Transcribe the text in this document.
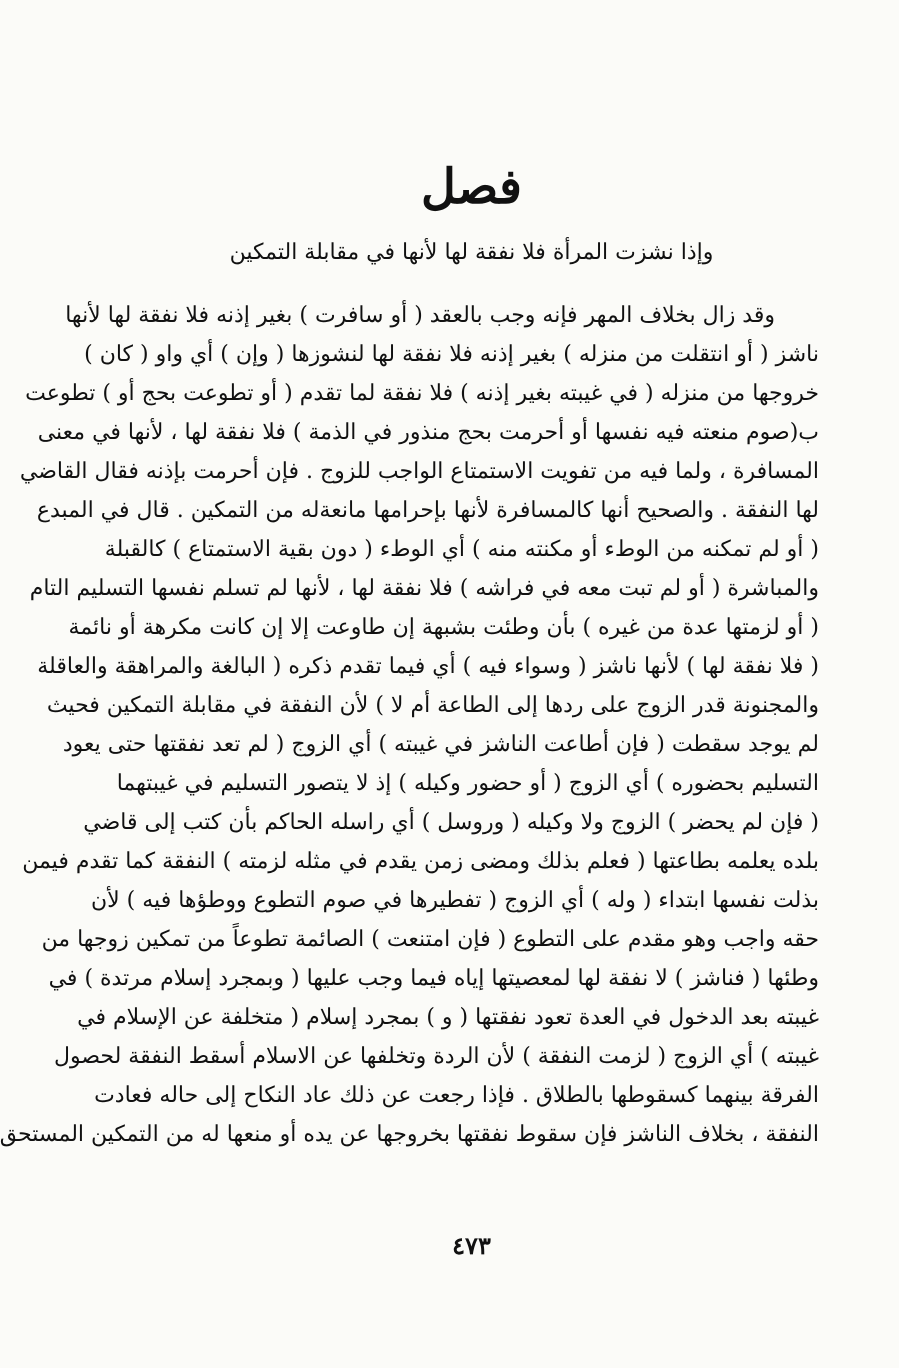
فصل
وإذا نشزت المرأة فلا نفقة لها لأنها في مقابلة التمكين
وقد زال بخلاف المهر فإنه وجب بالعقد ( أو سافرت ) بغير إذنه فلا نفقة لها لأنها
ناشز ( أو انتقلت من منزله ) بغير إذنه فلا نفقة لها لنشوزها ( وإن ) أي واو ( كان )
خروجها من منزله ( في غيبته بغير إذنه ) فلا نفقة لما تقدم ( أو تطوعت بحج أو ) تطوعت
ب(صوم منعته فيه نفسها أو أحرمت بحج منذور في الذمة ) فلا نفقة لها ، لأنها في معنى
المسافرة ، ولما فيه من تفويت الاستمتاع الواجب للزوج . فإن أحرمت بإذنه فقال القاضي
لها النفقة . والصحيح أنها كالمسافرة لأنها بإحرامها مانعةله من التمكين . قال في المبدع
( أو لم تمكنه من الوطء أو مكنته منه ) أي الوطء ( دون بقية الاستمتاع ) كالقبلة
والمباشرة ( أو لم تبت معه في فراشه ) فلا نفقة لها ، لأنها لم تسلم نفسها التسليم التام
( أو لزمتها عدة من غيره ) بأن وطئت بشبهة إن طاوعت إلا إن كانت مكرهة أو نائمة
( فلا نفقة لها ) لأنها ناشز ( وسواء فيه ) أي فيما تقدم ذكره ( البالغة والمراهقة والعاقلة
والمجنونة قدر الزوج على ردها إلى الطاعة أم لا ) لأن النفقة في مقابلة التمكين فحيث
لم يوجد سقطت ( فإن أطاعت الناشز في غيبته ) أي الزوج ( لم تعد نفقتها حتى يعود
التسليم بحضوره ) أي الزوج ( أو حضور وكيله ) إذ لا يتصور التسليم في غيبتهما
( فإن لم يحضر ) الزوج ولا وكيله ( وروسل ) أي راسله الحاكم بأن كتب إلى قاضي
بلده يعلمه بطاعتها ( فعلم بذلك ومضى زمن يقدم في مثله لزمته ) النفقة كما تقدم فيمن
بذلت نفسها ابتداء ( وله ) أي الزوج ( تفطيرها في صوم التطوع ووطؤها فيه ) لأن
حقه واجب وهو مقدم على التطوع ( فإن امتنعت ) الصائمة تطوعاً من تمكين زوجها من
وطئها ( فناشز ) لا نفقة لها لمعصيتها إياه فيما وجب عليها ( وبمجرد إسلام مرتدة ) في
غيبته بعد الدخول في العدة تعود نفقتها ( و ) بمجرد إسلام ( متخلفة عن الإسلام في
غيبته ) أي الزوج ( لزمت النفقة ) لأن الردة وتخلفها عن الاسلام أسقط النفقة لحصول
الفرقة بينهما كسقوطها بالطلاق . فإذا رجعت عن ذلك عاد النكاح إلى حاله فعادت
النفقة ، بخلاف الناشز فإن سقوط نفقتها بخروجها عن يده أو منعها له من التمكين المستحق
٤٧٣
